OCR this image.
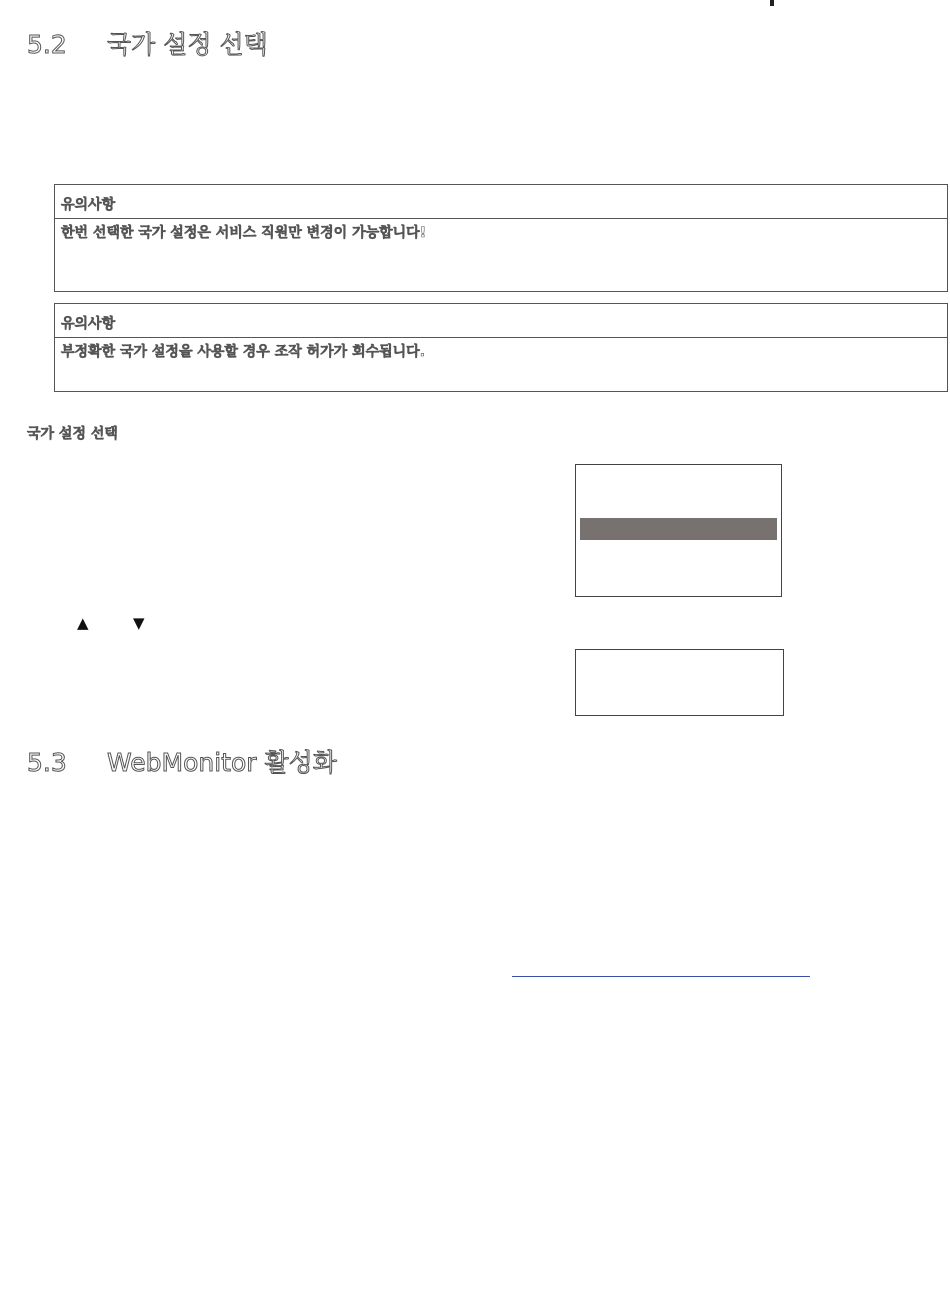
5.2 국가 설정 선택
유의사항
한번 선택한 국가 설정은 서비스 직원만 변경이 가능합니다!
유의사항
부정확한 국가 설정을 사용할 경우 조작 허가가 회수됩니다.
국가 설정 선택
▲	▼
5.3 WebMonitor 활성화
